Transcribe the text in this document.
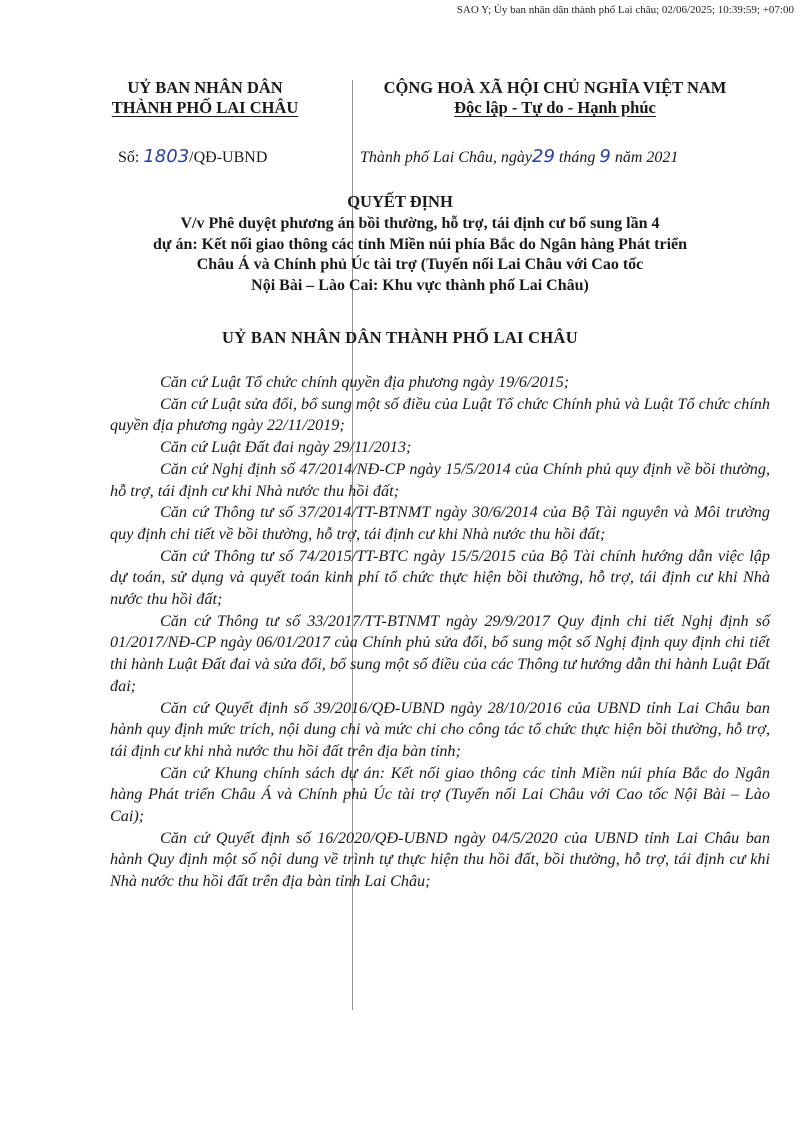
SAO Y; Ủy ban nhân dân thành phố Lai châu; 02/06/2025; 10:39:59; +07:00
UỶ BAN NHÂN DÂN
THÀNH PHỐ LAI CHÂU
CỘNG HOÀ XÃ HỘI CHỦ NGHĨA VIỆT NAM
Độc lập - Tự do - Hạnh phúc
Số: 1803/QĐ-UBND	Thành phố Lai Châu, ngày29 tháng 9 năm 2021
QUYẾT ĐỊNH
V/v Phê duyệt phương án bồi thường, hỗ trợ, tái định cư bổ sung lần 4
dự án: Kết nối giao thông các tỉnh Miền núi phía Bắc do Ngân hàng Phát triển
Châu Á và Chính phủ Úc tài trợ (Tuyến nối Lai Châu với Cao tốc
Nội Bài – Lào Cai: Khu vực thành phố Lai Châu)
UỶ BAN NHÂN DÂN THÀNH PHỐ LAI CHÂU

Căn cứ Luật Tổ chức chính quyền địa phương ngày 19/6/2015;

Căn cứ Luật sửa đổi, bổ sung một số điều của Luật Tổ chức Chính phủ và Luật Tổ chức chính quyền địa phương ngày 22/11/2019;

Căn cứ Luật Đất đai ngày 29/11/2013;

Căn cứ Nghị định số 47/2014/NĐ-CP ngày 15/5/2014 của Chính phủ quy định về bồi thường, hỗ trợ, tái định cư khi Nhà nước thu hồi đất;

Căn cứ Thông tư số 37/2014/TT-BTNMT ngày 30/6/2014 của Bộ Tài nguyên và Môi trường quy định chi tiết về bồi thường, hỗ trợ, tái định cư khi Nhà nước thu hồi đất;

Căn cứ Thông tư số 74/2015/TT-BTC ngày 15/5/2015 của Bộ Tài chính hướng dẫn việc lập dự toán, sử dụng và quyết toán kinh phí tổ chức thực hiện bồi thường, hỗ trợ, tái định cư khi Nhà nước thu hồi đất;

Căn cứ Thông tư số 33/2017/TT-BTNMT ngày 29/9/2017 Quy định chi tiết Nghị định số 01/2017/NĐ-CP ngày 06/01/2017 của Chính phủ sửa đổi, bổ sung một số Nghị định quy định chi tiết thi hành Luật Đất đai và sửa đổi, bổ sung một số điều của các Thông tư hướng dẫn thi hành Luật Đất đai;

Căn cứ Quyết định số 39/2016/QĐ-UBND ngày 28/10/2016 của UBND tỉnh Lai Châu ban hành quy định mức trích, nội dung chi và mức chi cho công tác tổ chức thực hiện bồi thường, hỗ trợ, tái định cư khi nhà nước thu hồi đất trên địa bàn tỉnh;

Căn cứ Khung chính sách dự án: Kết nối giao thông các tỉnh Miền núi phía Bắc do Ngân hàng Phát triển Châu Á và Chính phủ Úc tài trợ (Tuyến nối Lai Châu với Cao tốc Nội Bài – Lào Cai);

Căn cứ Quyết định số 16/2020/QĐ-UBND ngày 04/5/2020 của UBND tỉnh Lai Châu ban hành Quy định một số nội dung về trình tự thực hiện thu hồi đất, bồi thường, hỗ trợ, tái định cư khi Nhà nước thu hồi đất trên địa bàn tỉnh Lai Châu;
